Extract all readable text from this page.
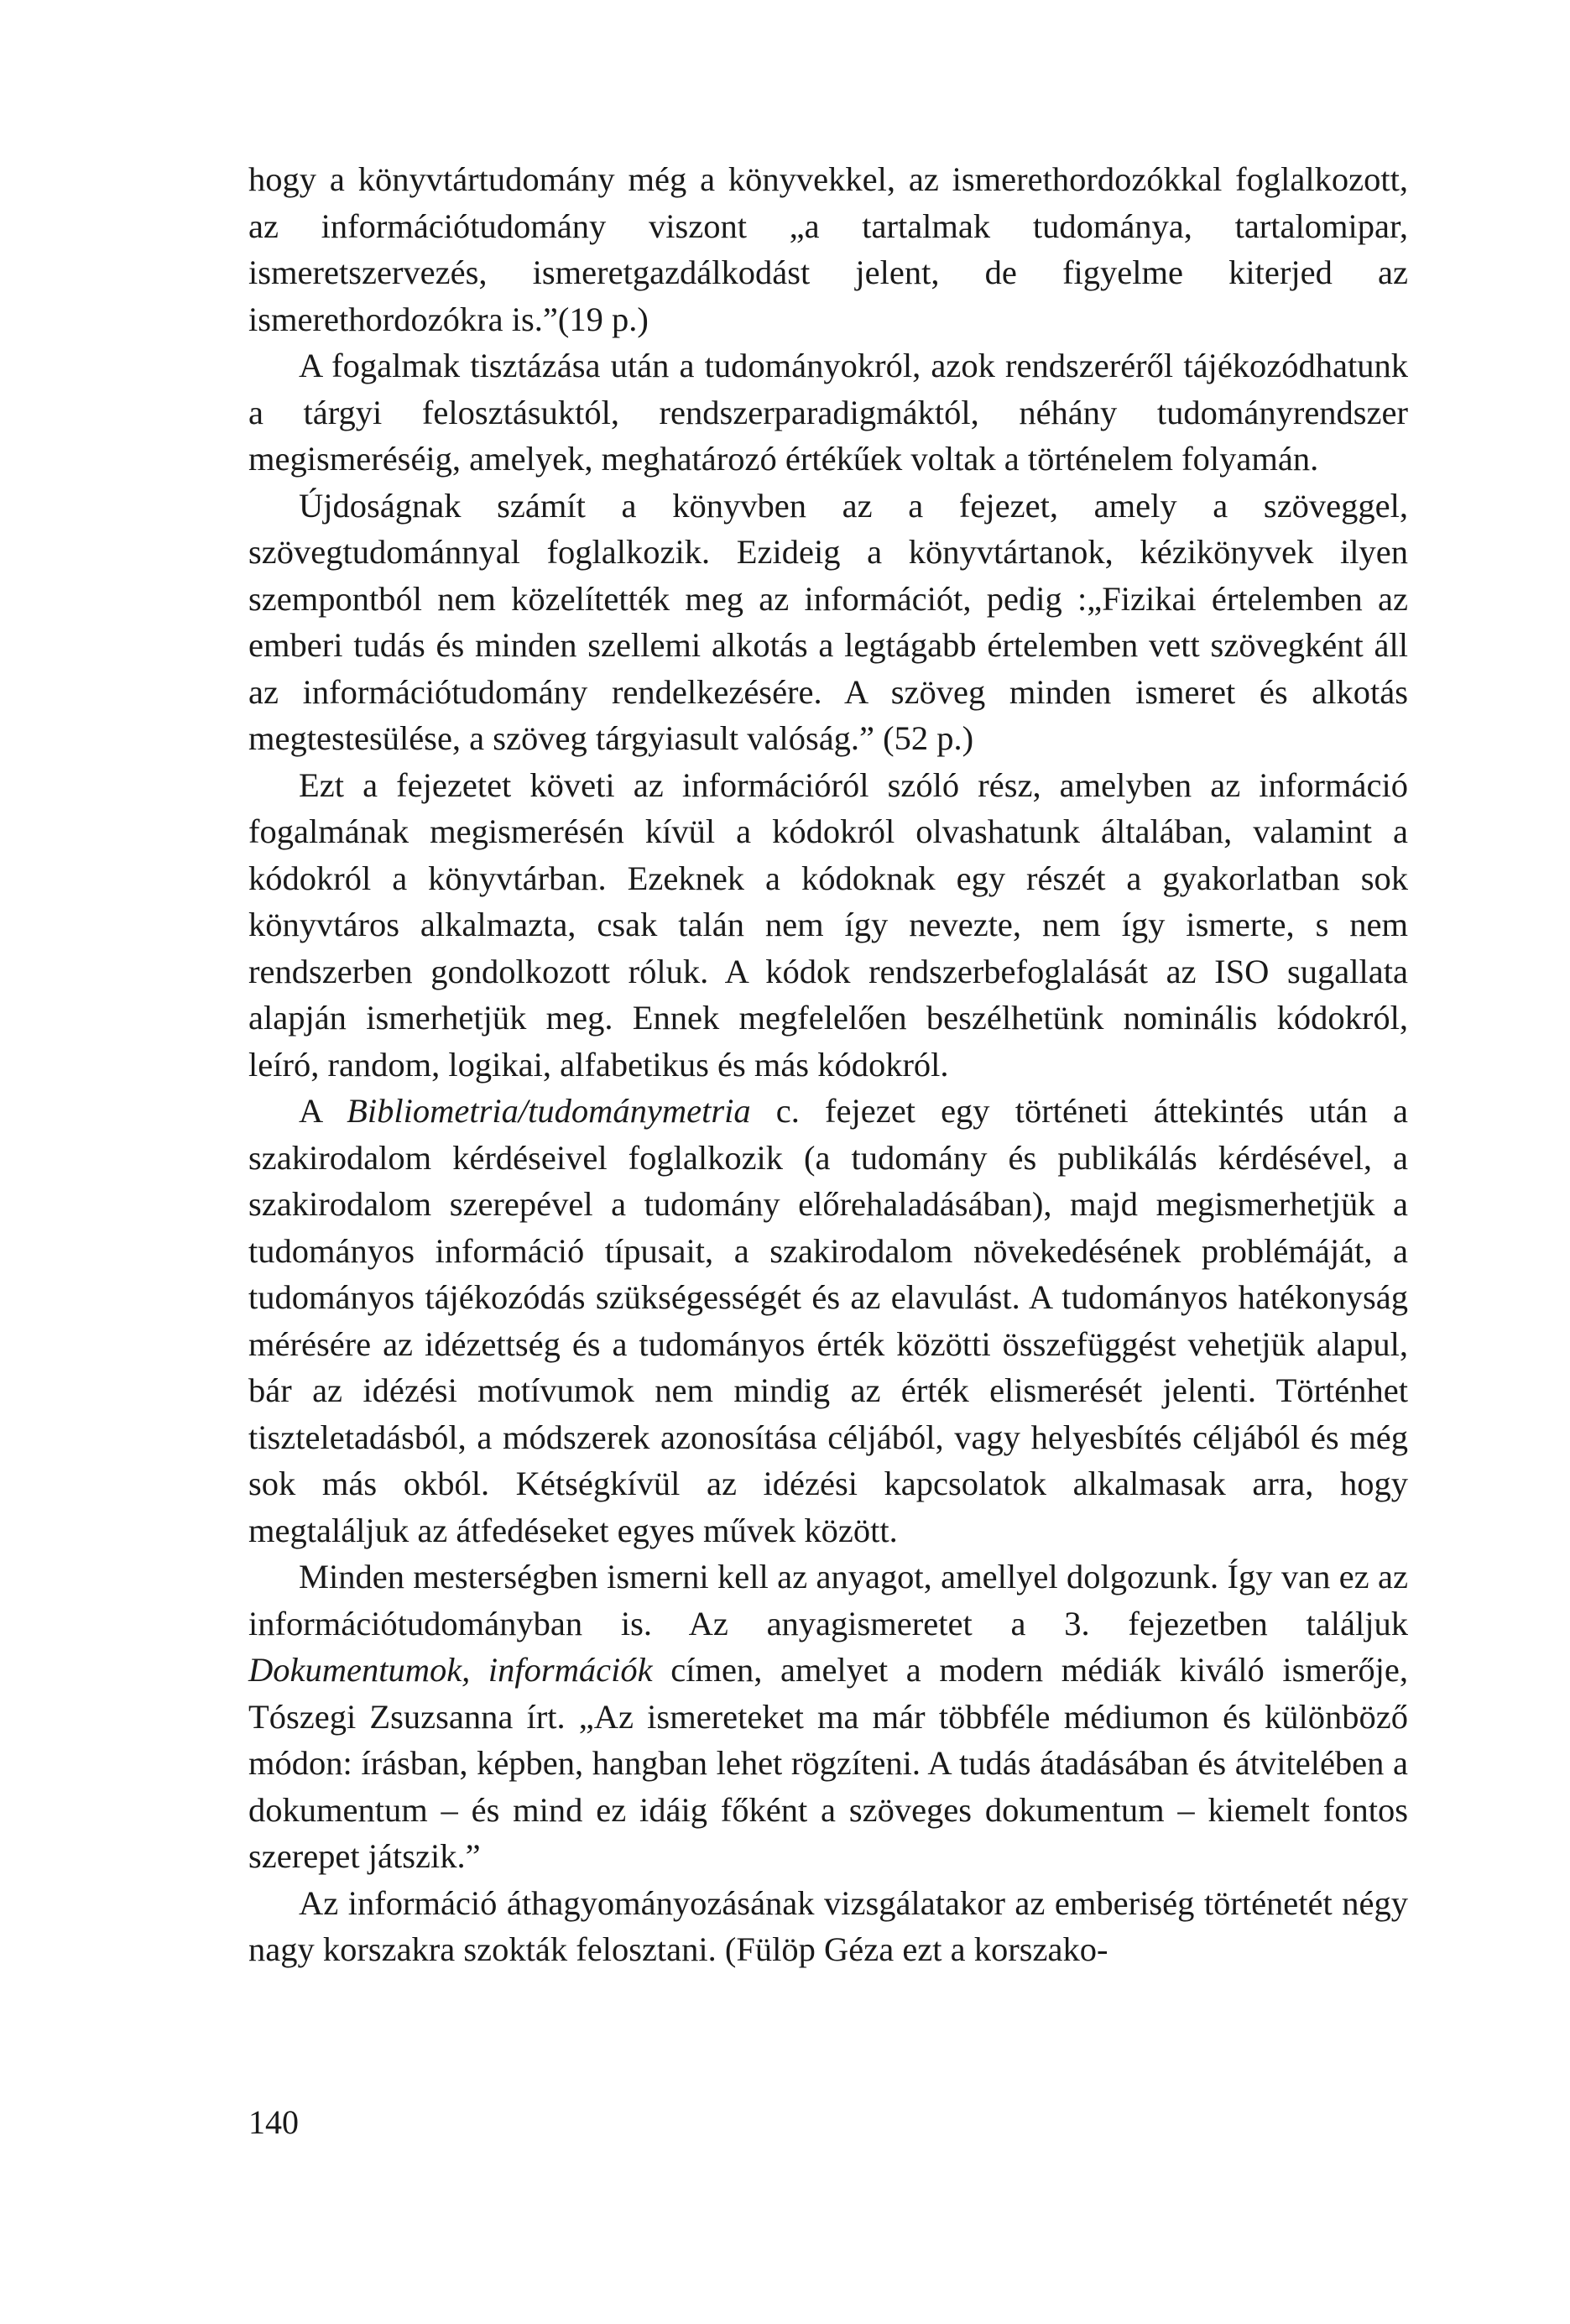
hogy a könyvtártudomány még a könyvekkel, az ismerethordozókkal foglalkozott, az információtudomány viszont „a tartalmak tudománya, tartalomipar, ismeretszervezés, ismeretgazdálkodást jelent, de figyelme kiterjed az ismerethordozókra is.”(19 p.)

A fogalmak tisztázása után a tudományokról, azok rendszeréről tájékozódhatunk a tárgyi felosztásuktól, rendszerparadigmáktól, néhány tudományrendszer megismeréséig, amelyek, meghatározó értékűek voltak a történelem folyamán.

Újdoságnak számít a könyvben az a fejezet, amely a szöveggel, szövegtudománnyal foglalkozik. Ezideig a könyvtártanok, kézikönyvek ilyen szempontból nem közelítették meg az információt, pedig :„Fizikai értelemben az emberi tudás és minden szellemi alkotás a legtágabb értelemben vett szövegként áll az információtudomány rendelkezésére. A szöveg minden ismeret és alkotás megtestesülése, a szöveg tárgyiasult valóság.” (52 p.)

Ezt a fejezetet követi az információról szóló rész, amelyben az információ fogalmának megismerésén kívül a kódokról olvashatunk általában, valamint a kódokról a könyvtárban. Ezeknek a kódoknak egy részét a gyakorlatban sok könyvtáros alkalmazta, csak talán nem így nevezte, nem így ismerte, s nem rendszerben gondolkozott róluk. A kódok rendszerbefoglalását az ISO sugallata alapján ismerhetjük meg. Ennek megfelelően beszélhetünk nominális kódokról, leíró, random, logikai, alfabetikus és más kódokról.

A Bibliometria/tudománymetria c. fejezet egy történeti áttekintés után a szakirodalom kérdéseivel foglalkozik (a tudomány és publikálás kérdésével, a szakirodalom szerepével a tudomány előrehaladásában), majd megismerhetjük a tudományos információ típusait, a szakirodalom növekedésének problémáját, a tudományos tájékozódás szükségességét és az elavulást. A tudományos hatékonyság mérésére az idézettség és a tudományos érték közötti összefüggést vehetjük alapul, bár az idézési motívumok nem mindig az érték elismerését jelenti. Történhet tiszteletadásból, a módszerek azonosítása céljából, vagy helyesbítés céljából és még sok más okból. Kétségkívül az idézési kapcsolatok alkalmasak arra, hogy megtaláljuk az átfedéseket egyes művek között.

Minden mesterségben ismerni kell az anyagot, amellyel dolgozunk. Így van ez az információtudományban is. Az anyagismeretet a 3. fejezetben találjuk Dokumentumok, információk címen, amelyet a modern médiák kiváló ismerője, Tószegi Zsuzsanna írt. „Az ismereteket ma már többféle médiumon és különböző módon: írásban, képben, hangban lehet rögzíteni. A tudás átadásában és átvitelében a dokumentum – és mind ez idáig főként a szöveges dokumentum – kiemelt fontos szerepet játszik.”

Az információ áthagyományozásának vizsgálatakor az emberiség történetét négy nagy korszakra szokták felosztani. (Fülöp Géza ezt a korszako-

140
